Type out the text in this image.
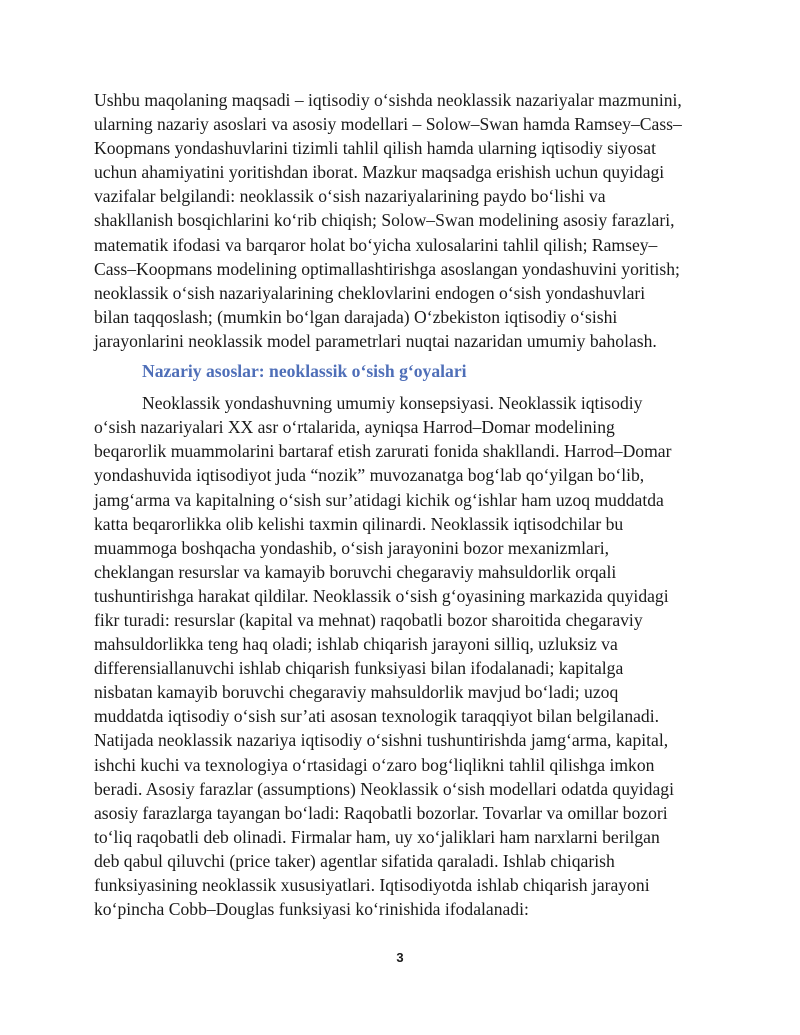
Ushbu maqolaning maqsadi – iqtisodiy o‘sishda neoklassik nazariyalar mazmunini,
ularning nazariy asoslari va asosiy modellari – Solow–Swan hamda Ramsey–Cass–
Koopmans yondashuvlarini tizimli tahlil qilish hamda ularning iqtisodiy siyosat
uchun ahamiyatini yoritishdan iborat. Mazkur maqsadga erishish uchun quyidagi
vazifalar belgilandi: neoklassik o‘sish nazariyalarining paydo bo‘lishi va
shakllanish bosqichlarini ko‘rib chiqish; Solow–Swan modelining asosiy farazlari,
matematik ifodasi va barqaror holat bo‘yicha xulosalarini tahlil qilish; Ramsey–
Cass–Koopmans modelining optimallashtirishga asoslangan yondashuvini yoritish;
neoklassik o‘sish nazariyalarining cheklovlarini endogen o‘sish yondashuvlari
bilan taqqoslash; (mumkin bo‘lgan darajada) O‘zbekiston iqtisodiy o‘sishi
jarayonlarini neoklassik model parametrlari nuqtai nazaridan umumiy baholash.

Nazariy asoslar: neoklassik o‘sish g‘oyalari

Neoklassik yondashuvning umumiy konsepsiyasi. Neoklassik iqtisodiy
o‘sish nazariyalari XX asr o‘rtalarida, ayniqsa Harrod–Domar modelining
beqarorlik muammolarini bartaraf etish zarurati fonida shakllandi. Harrod–Domar
yondashuvida iqtisodiyot juda “nozik” muvozanatga bog‘lab qo‘yilgan bo‘lib,
jamg‘arma va kapitalning o‘sish sur’atidagi kichik og‘ishlar ham uzoq muddatda
katta beqarorlikka olib kelishi taxmin qilinardi. Neoklassik iqtisodchilar bu
muammoga boshqacha yondashib, o‘sish jarayonini bozor mexanizmlari,
cheklangan resurslar va kamayib boruvchi chegaraviy mahsuldorlik orqali
tushuntirishga harakat qildilar. Neoklassik o‘sish g‘oyasining markazida quyidagi
fikr turadi: resurslar (kapital va mehnat) raqobatli bozor sharoitida chegaraviy
mahsuldorlikka teng haq oladi; ishlab chiqarish jarayoni silliq, uzluksiz va
differensiallanuvchi ishlab chiqarish funksiyasi bilan ifodalanadi; kapitalga
nisbatan kamayib boruvchi chegaraviy mahsuldorlik mavjud bo‘ladi; uzoq
muddatda iqtisodiy o‘sish sur’ati asosan texnologik taraqqiyot bilan belgilanadi.
Natijada neoklassik nazariya iqtisodiy o‘sishni tushuntirishda jamg‘arma, kapital,
ishchi kuchi va texnologiya o‘rtasidagi o‘zaro bog‘liqlikni tahlil qilishga imkon
beradi. Asosiy farazlar (assumptions) Neoklassik o‘sish modellari odatda quyidagi
asosiy farazlarga tayangan bo‘ladi: Raqobatli bozorlar. Tovarlar va omillar bozori
to‘liq raqobatli deb olinadi. Firmalar ham, uy xo‘jaliklari ham narxlarni berilgan
deb qabul qiluvchi (price taker) agentlar sifatida qaraladi. Ishlab chiqarish
funksiyasining neoklassik xususiyatlari. Iqtisodiyotda ishlab chiqarish jarayoni
ko‘pincha Cobb–Douglas funksiyasi ko‘rinishida ifodalanadi:

3
